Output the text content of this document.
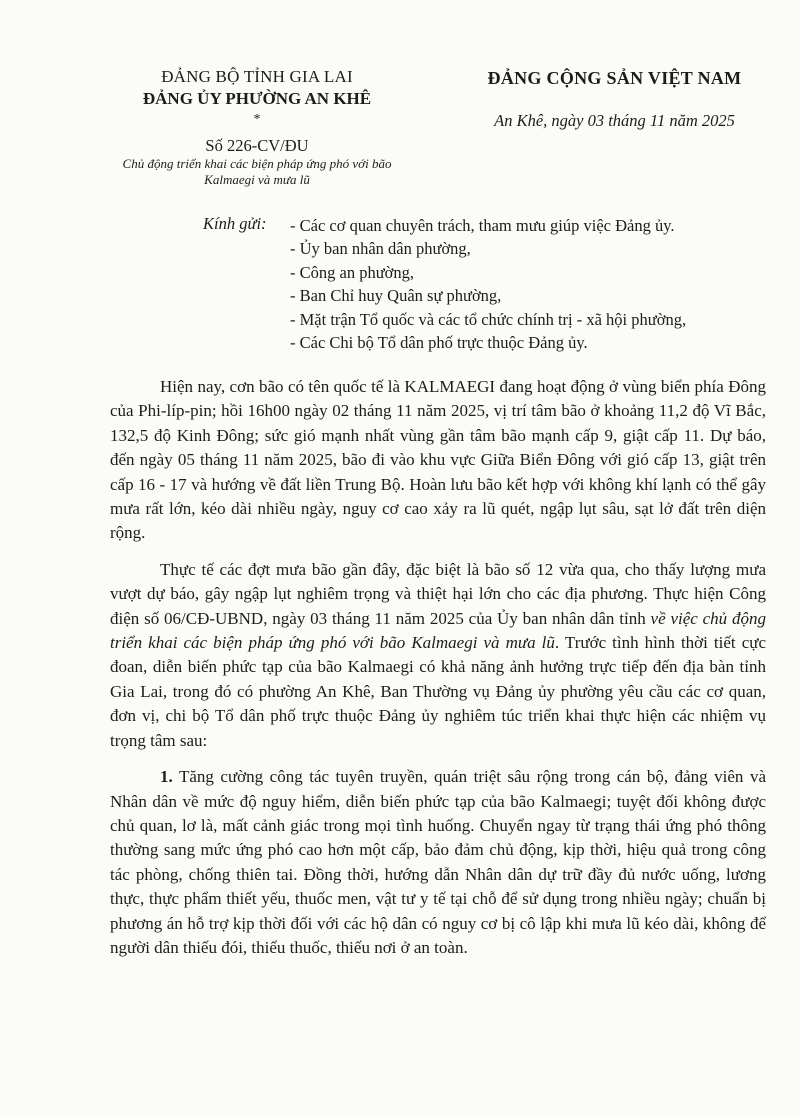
ĐẢNG BỘ TỈNH GIA LAI
ĐẢNG ỦY PHƯỜNG AN KHÊ
*
Số 226-CV/ĐU
Chủ động triển khai các biện pháp ứng phó với bão Kalmaegi và mưa lũ
ĐẢNG CỘNG SẢN VIỆT NAM
An Khê, ngày 03 tháng 11 năm 2025
Kính gửi: - Các cơ quan chuyên trách, tham mưu giúp việc Đảng ủy.
- Ủy ban nhân dân phường,
- Công an phường,
- Ban Chỉ huy Quân sự phường,
- Mặt trận Tổ quốc và các tổ chức chính trị - xã hội phường,
- Các Chi bộ Tổ dân phố trực thuộc Đảng ủy.

Hiện nay, cơn bão có tên quốc tế là KALMAEGI đang hoạt động ở vùng biển phía Đông của Phi-líp-pin; hồi 16h00 ngày 02 tháng 11 năm 2025, vị trí tâm bão ở khoảng 11,2 độ Vĩ Bắc, 132,5 độ Kinh Đông; sức gió mạnh nhất vùng gần tâm bão mạnh cấp 9, giật cấp 11. Dự báo, đến ngày 05 tháng 11 năm 2025, bão đi vào khu vực Giữa Biển Đông với gió cấp 13, giật trên cấp 16 - 17 và hướng về đất liền Trung Bộ. Hoàn lưu bão kết hợp với không khí lạnh có thể gây mưa rất lớn, kéo dài nhiều ngày, nguy cơ cao xảy ra lũ quét, ngập lụt sâu, sạt lở đất trên diện rộng.

Thực tế các đợt mưa bão gần đây, đặc biệt là bão số 12 vừa qua, cho thấy lượng mưa vượt dự báo, gây ngập lụt nghiêm trọng và thiệt hại lớn cho các địa phương. Thực hiện Công điện số 06/CĐ-UBND, ngày 03 tháng 11 năm 2025 của Ủy ban nhân dân tỉnh về việc chủ động triển khai các biện pháp ứng phó với bão Kalmaegi và mưa lũ. Trước tình hình thời tiết cực đoan, diễn biến phức tạp của bão Kalmaegi có khả năng ảnh hưởng trực tiếp đến địa bàn tỉnh Gia Lai, trong đó có phường An Khê, Ban Thường vụ Đảng ủy phường yêu cầu các cơ quan, đơn vị, chi bộ Tổ dân phố trực thuộc Đảng ủy nghiêm túc triển khai thực hiện các nhiệm vụ trọng tâm sau:

1. Tăng cường công tác tuyên truyền, quán triệt sâu rộng trong cán bộ, đảng viên và Nhân dân về mức độ nguy hiểm, diễn biến phức tạp của bão Kalmaegi; tuyệt đối không được chủ quan, lơ là, mất cảnh giác trong mọi tình huống. Chuyển ngay từ trạng thái ứng phó thông thường sang mức ứng phó cao hơn một cấp, bảo đảm chủ động, kịp thời, hiệu quả trong công tác phòng, chống thiên tai. Đồng thời, hướng dẫn Nhân dân dự trữ đầy đủ nước uống, lương thực, thực phẩm thiết yếu, thuốc men, vật tư y tế tại chỗ để sử dụng trong nhiều ngày; chuẩn bị phương án hỗ trợ kịp thời đối với các hộ dân có nguy cơ bị cô lập khi mưa lũ kéo dài, không để người dân thiếu đói, thiếu thuốc, thiếu nơi ở an toàn.
